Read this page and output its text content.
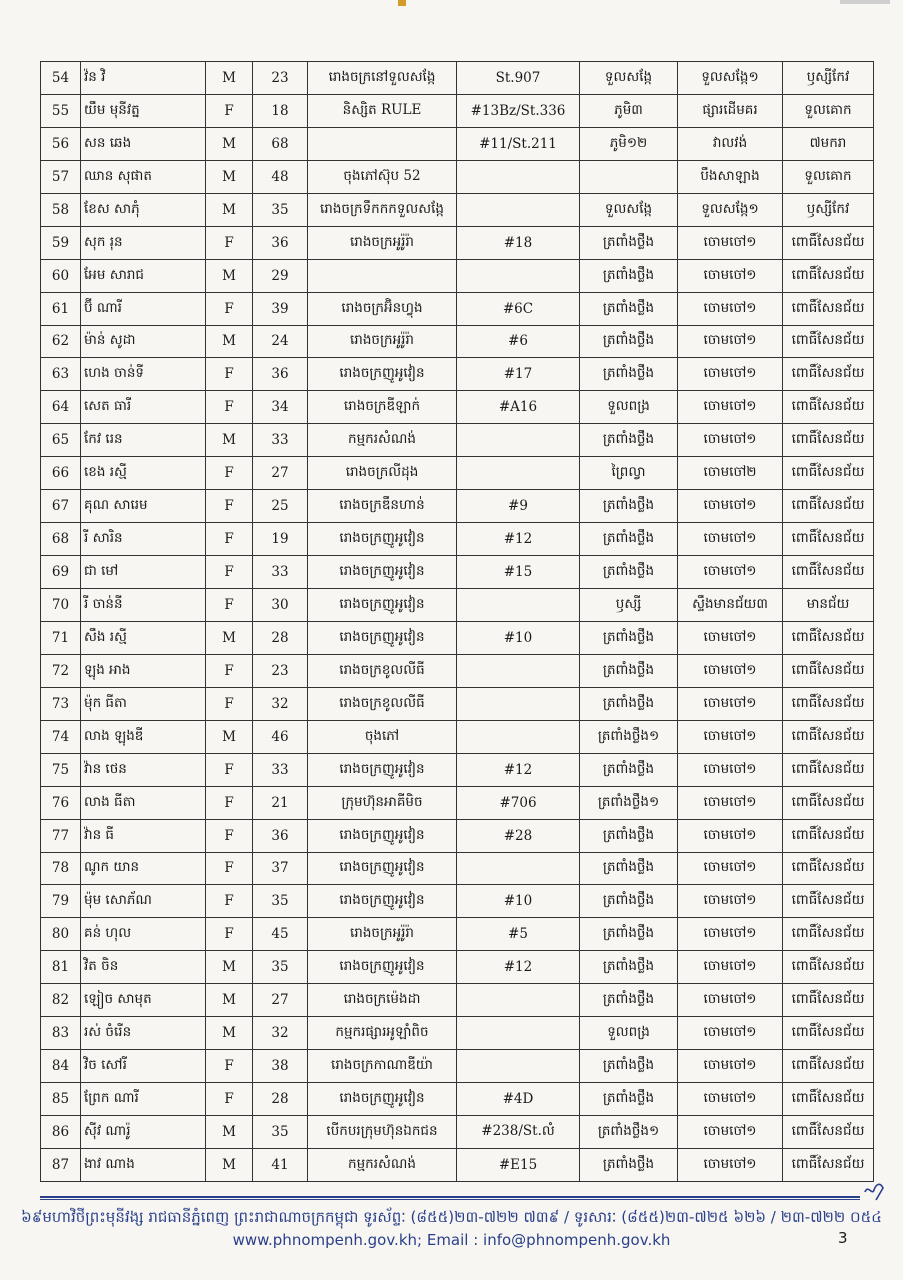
54	វ៉ន វិ	M	23	រោងចក្រនៅទួលសង្កែ	St.907	ទួលសង្កែ	ទួលសង្កែ១	ឫស្សីកែវ
55	យឹម មុនីវត្ន	F	18	និស្សិត RULE	#13Bz/St.336	ភូមិ៣	ផ្សារដើមគរ	ទួលគោក
56	សន ឆេង	M	68		#11/St.211	ភូមិ១២	វាលវង់	៧មករា
57	ឈាន សុផាត	M	48	ចុងភៅស៊ុប 52			បឹងសាឡាង	ទួលគោក
58	ខែស សាភុំ	M	35	រោងចក្រទឹកកកទួលសង្កែ		ទួលសង្កែ	ទួលសង្កែ១	ឫស្សីកែវ
59	សុក រុន	F	36	រោងចក្រអូរ៉ូរ៉ា	#18	ត្រពាំងថ្លឹង	ចោមចៅ១	ពោធិ៍សែនជ័យ
60	អែម សារាជ	M	29			ត្រពាំងថ្លឹង	ចោមចៅ១	ពោធិ៍សែនជ័យ
61	ប៊ី ណារី	F	39	រោងចក្រអ៊ិនហ្វុង	#6C	ត្រពាំងថ្លឹង	ចោមចៅ១	ពោធិ៍សែនជ័យ
62	ម៉ាន់ សូដា	M	24	រោងចក្រអូរ៉ូរ៉ា	#6	ត្រពាំងថ្លឹង	ចោមចៅ១	ពោធិ៍សែនជ័យ
63	ហេង ចាន់ទី	F	36	រោងចក្រញូអូវៀន	#17	ត្រពាំងថ្លឹង	ចោមចៅ១	ពោធិ៍សែនជ័យ
64	សេត ធារី	F	34	រោងចក្រឌីឡាក់	#A16	ទួលពង្រ	ចោមចៅ១	ពោធិ៍សែនជ័យ
65	កែវ រេន	M	33	កម្មករសំណង់		ត្រពាំងថ្លឹង	ចោមចៅ១	ពោធិ៍សែនជ័យ
66	ខេង រស្មី	F	27	រោងចក្រលីដុង		ព្រៃល្វា	ចោមចៅ២	ពោធិ៍សែនជ័យ
67	គុណ សារេម	F	25	រោងចក្រឌឹនហាន់	#9	ត្រពាំងថ្លឹង	ចោមចៅ១	ពោធិ៍សែនជ័យ
68	រី សារិន	F	19	រោងចក្រញូអូវៀន	#12	ត្រពាំងថ្លឹង	ចោមចៅ១	ពោធិ៍សែនជ័យ
69	ជា មៅ	F	33	រោងចក្រញូអូវៀន	#15	ត្រពាំងថ្លឹង	ចោមចៅ១	ពោធិ៍សែនជ័យ
70	រី ចាន់នី	F	30	រោងចក្រញូអូវៀន		ឫស្សី	ស្ទឹងមានជ័យ៣	មានជ័យ
71	សឹង រស្មី	M	28	រោងចក្រញូអូវៀន	#10	ត្រពាំងថ្លឹង	ចោមចៅ១	ពោធិ៍សែនជ័យ
72	ឡុង អាង	F	23	រោងចក្រខូលលីធី		ត្រពាំងថ្លឹង	ចោមចៅ១	ពោធិ៍សែនជ័យ
73	ម៉ុក ធីតា	F	32	រោងចក្រខូលលីធី		ត្រពាំងថ្លឹង	ចោមចៅ១	ពោធិ៍សែនជ័យ
74	លាង ឡុងឌី	M	46	ចុងភៅ		ត្រពាំងថ្លឹង១	ចោមចៅ១	ពោធិ៍សែនជ័យ
75	វ៉ាន ថេន	F	33	រោងចក្រញូអូវៀន	#12	ត្រពាំងថ្លឹង	ចោមចៅ១	ពោធិ៍សែនជ័យ
76	លាង ធីតា	F	21	ក្រុមហ៊ុនអាគីមិច	#706	ត្រពាំងថ្លឹង១	ចោមចៅ១	ពោធិ៍សែនជ័យ
77	វ៉ាន ធី	F	36	រោងចក្រញូអូវៀន	#28	ត្រពាំងថ្លឹង	ចោមចៅ១	ពោធិ៍សែនជ័យ
78	ណូក យាន	F	37	រោងចក្រញូអូវៀន		ត្រពាំងថ្លឹង	ចោមចៅ១	ពោធិ៍សែនជ័យ
79	ម៉ុម សោភ័ណ	F	35	រោងចក្រញូអូវៀន	#10	ត្រពាំងថ្លឹង	ចោមចៅ១	ពោធិ៍សែនជ័យ
80	គន់ ហុល	F	45	រោងចក្រអូរ៉ូរ៉ា	#5	ត្រពាំងថ្លឹង	ចោមចៅ១	ពោធិ៍សែនជ័យ
81	វិត ចិន	M	35	រោងចក្រញូអូវៀន	#12	ត្រពាំងថ្លឹង	ចោមចៅ១	ពោធិ៍សែនជ័យ
82	ឡៀច សាមុត	M	27	រោងចក្រម៉េងដា		ត្រពាំងថ្លឹង	ចោមចៅ១	ពោធិ៍សែនជ័យ
83	រស់ ចំរើន	M	32	កម្មករផ្សារអូឡាំពិច		ទួលពង្រ	ចោមចៅ១	ពោធិ៍សែនជ័យ
84	វិច សៅរី	F	38	រោងចក្រកាណាឌីយ៉ា		ត្រពាំងថ្លឹង	ចោមចៅ១	ពោធិ៍សែនជ័យ
85	ព្រែក ណារី	F	28	រោងចក្រញូអូវៀន	#4D	ត្រពាំងថ្លឹង	ចោមចៅ១	ពោធិ៍សែនជ័យ
86	ស៊ីវ ណារ៉ូ	M	35	បើកបរក្រុមហ៊ុនឯកជន	#238/St.លំ	ត្រពាំងថ្លឹង១	ចោមចៅ១	ពោធិ៍សែនជ័យ
87	ងាវ ណាង	M	41	កម្មករសំណង់	#E15	ត្រពាំងថ្លឹង	ចោមចៅ១	ពោធិ៍សែនជ័យ
៦៩មហាវិថីព្រះមុនីវង្ស រាជធានីភ្នំពេញ ព្រះរាជាណាចក្រកម្ពុជា ទូរស័ព្ទៈ (៨៥៥)២៣-៧២២ ៧៣៩ / ទូរសារៈ (៨៥៥)២៣-៧២៥ ៦២៦ / ២៣-៧២២ ០៥៤
www.phnompenh.gov.kh; Email : info@phnompenh.gov.kh	3
